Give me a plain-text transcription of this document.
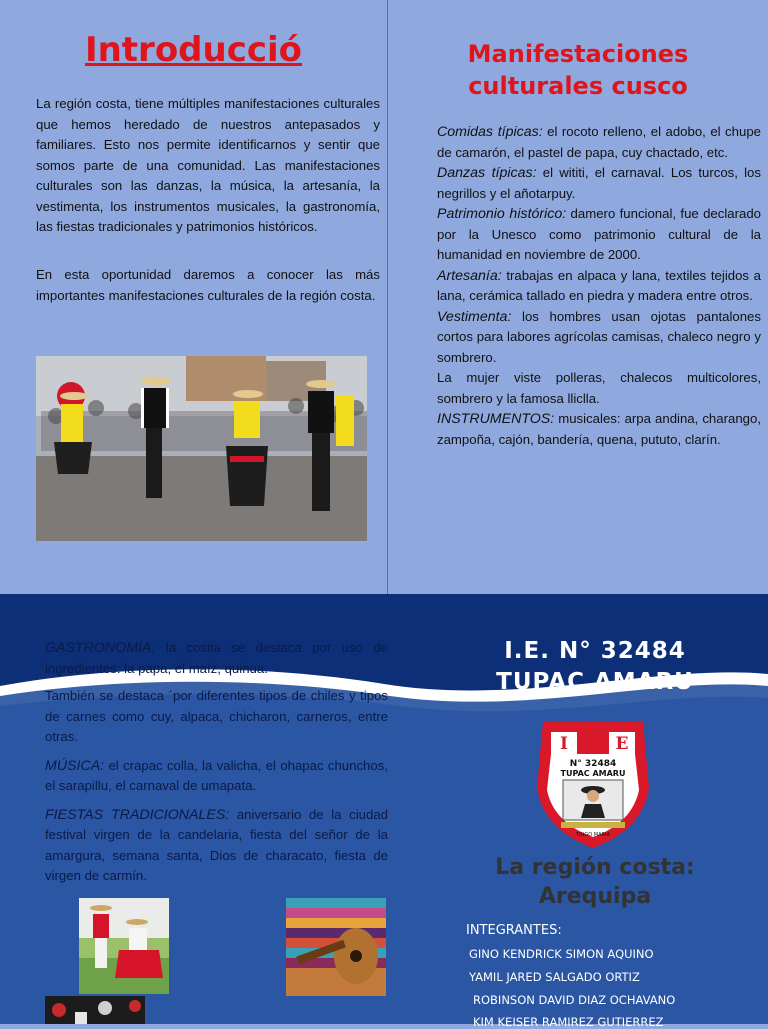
Introducció
La región costa, tiene múltiples manifestaciones culturales que hemos heredado de nuestros antepasados y familiares. Esto nos permite identificarnos y sentir que somos parte de una comunidad. Las manifestaciones culturales son las danzas, la música, la artesanía, la vestimenta, los instrumentos musicales, la gastronomía, las fiestas tradicionales y patrimonios históricos.
En esta oportunidad daremos a conocer las más importantes manifestaciones culturales de la región costa.
Manifestaciones culturales cusco
Comidas típicas: el rocoto relleno, el adobo, el chupe de camarón, el pastel de papa, cuy chactado, etc.
Danzas típicas: el wititi, el carnaval. Los turcos, los negrillos y el añotarpuy.
Patrimonio histórico: damero funcional, fue declarado por la Unesco como patrimonio cultural de la humanidad en noviembre de 2000.
Artesanía: trabajas en alpaca y lana, textiles tejidos a lana, cerámica tallado en piedra y madera entre otros.
Vestimenta: los hombres usan ojotas pantalones cortos para labores agrícolas camisas, chaleco negro y sombrero.
La mujer viste polleras, chalecos multicolores, sombrero y la famosa lliclla.
INSTRUMENTOS: musicales: arpa andina, charango, zampoña, cajón, bandería, quena, pututo, clarín.
GASTRONOMÍA: la cosita se destaca por uso de ingredientes: la papa, el maíz, quinua.
También se destaca ´por diferentes tipos de chiles y tipos de carnes como cuy, alpaca, chicharon, carneros, entre otras.
MÚSICA: el crapac colla, la valicha, el ohapac chunchos, el sarapillu, el carnaval de umapata.
FIESTAS TRADICIONALES: aniversario de la ciudad festival virgen de la candelaria, fiesta del señor de la amargura, semana santa, Dios de characato, fiesta de virgen de carmín.
I.E. N° 32484
TUPAC AMARU
I	E
N° 32484
TUPAC AMARU
TINGO MARIA
La región costa:
Arequipa
INTEGRANTES:
GINO KENDRICK SIMON AQUINO
YAMIL JARED SALGADO ORTIZ
ROBINSON DAVID DIAZ OCHAVANO
KIM KEISER RAMIREZ GUTIERREZ
